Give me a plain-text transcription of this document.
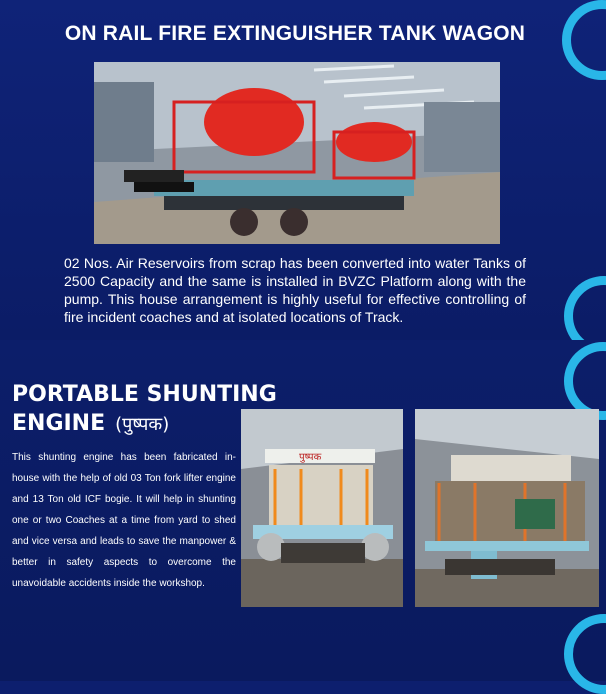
ON RAIL FIRE EXTINGUISHER TANK WAGON
02 Nos. Air Reservoirs from scrap has been converted into water Tanks of 2500 Capacity and the same is installed in BVZC Platform along with the pump. This house arrangement is highly useful for effective controlling of fire incident coaches and at isolated locations of Track.
PORTABLE SHUNTING
ENGINE (पुष्पक)
This shunting engine has been fabricated in-house with the help of old 03 Ton fork lifter engine and 13 Ton old ICF bogie. It will help in shunting one or two Coaches at a time from yard to shed and vice versa and leads to save the manpower & better in safety aspects to overcome the unavoidable accidents inside the workshop.
पुष्पक
